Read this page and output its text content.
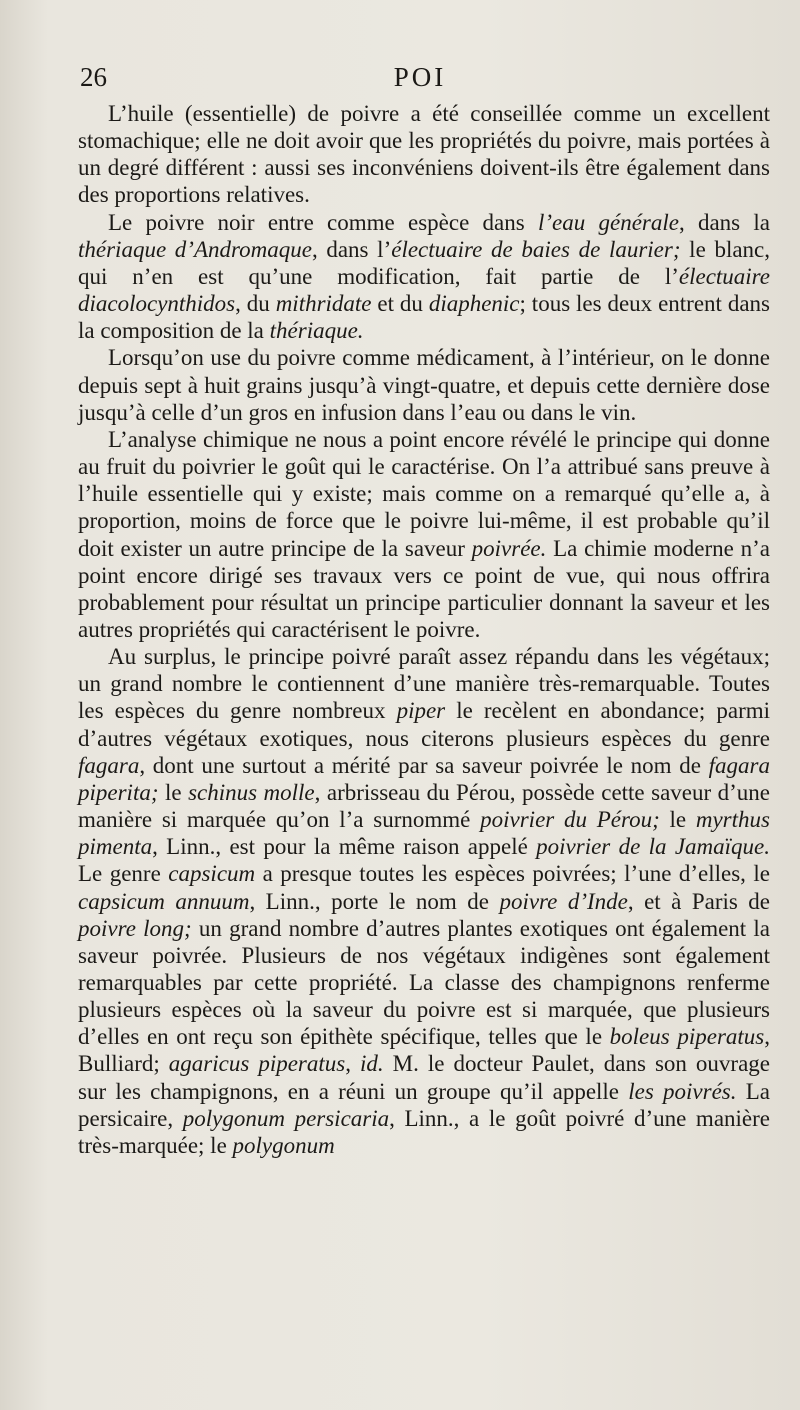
26	POI

L’huile (essentielle) de poivre a été conseillée comme un excellent stomachique; elle ne doit avoir que les propriétés du poivre, mais portées à un degré différent : aussi ses inconvéniens doivent-ils être également dans des proportions relatives.

Le poivre noir entre comme espèce dans l’eau générale, dans la thériaque d’Andromaque, dans l’électuaire de baies de laurier; le blanc, qui n’en est qu’une modification, fait partie de l’électuaire diacolocynthidos, du mithridate et du diaphenic; tous les deux entrent dans la composition de la thériaque.

Lorsqu’on use du poivre comme médicament, à l’intérieur, on le donne depuis sept à huit grains jusqu’à vingt-quatre, et depuis cette dernière dose jusqu’à celle d’un gros en infusion dans l’eau ou dans le vin.

L’analyse chimique ne nous a point encore révélé le principe qui donne au fruit du poivrier le goût qui le caractérise. On l’a attribué sans preuve à l’huile essentielle qui y existe; mais comme on a remarqué qu’elle a, à proportion, moins de force que le poivre lui-même, il est probable qu’il doit exister un autre principe de la saveur poivrée. La chimie moderne n’a point encore dirigé ses travaux vers ce point de vue, qui nous offrira probablement pour résultat un principe particulier donnant la saveur et les autres propriétés qui caractérisent le poivre.

Au surplus, le principe poivré paraît assez répandu dans les végétaux; un grand nombre le contiennent d’une manière très-remarquable. Toutes les espèces du genre nombreux piper le recèlent en abondance; parmi d’autres végétaux exotiques, nous citerons plusieurs espèces du genre fagara, dont une surtout a mérité par sa saveur poivrée le nom de fagara piperita; le schinus molle, arbrisseau du Pérou, possède cette saveur d’une manière si marquée qu’on l’a surnommé poivrier du Pérou; le myrthus pimenta, Linn., est pour la même raison appelé poivrier de la Jamaïque. Le genre capsicum a presque toutes les espèces poivrées; l’une d’elles, le capsicum annuum, Linn., porte le nom de poivre d’Inde, et à Paris de poivre long; un grand nombre d’autres plantes exotiques ont également la saveur poivrée. Plusieurs de nos végétaux indigènes sont également remarquables par cette propriété. La classe des champignons renferme plusieurs espèces où la saveur du poivre est si marquée, que plusieurs d’elles en ont reçu son épithète spécifique, telles que le boleus piperatus, Bulliard; agaricus piperatus, id. M. le docteur Paulet, dans son ouvrage sur les champignons, en a réuni un groupe qu’il appelle les poivrés. La persicaire, polygonum persicaria, Linn., a le goût poivré d’une manière très-marquée; le polygonum
